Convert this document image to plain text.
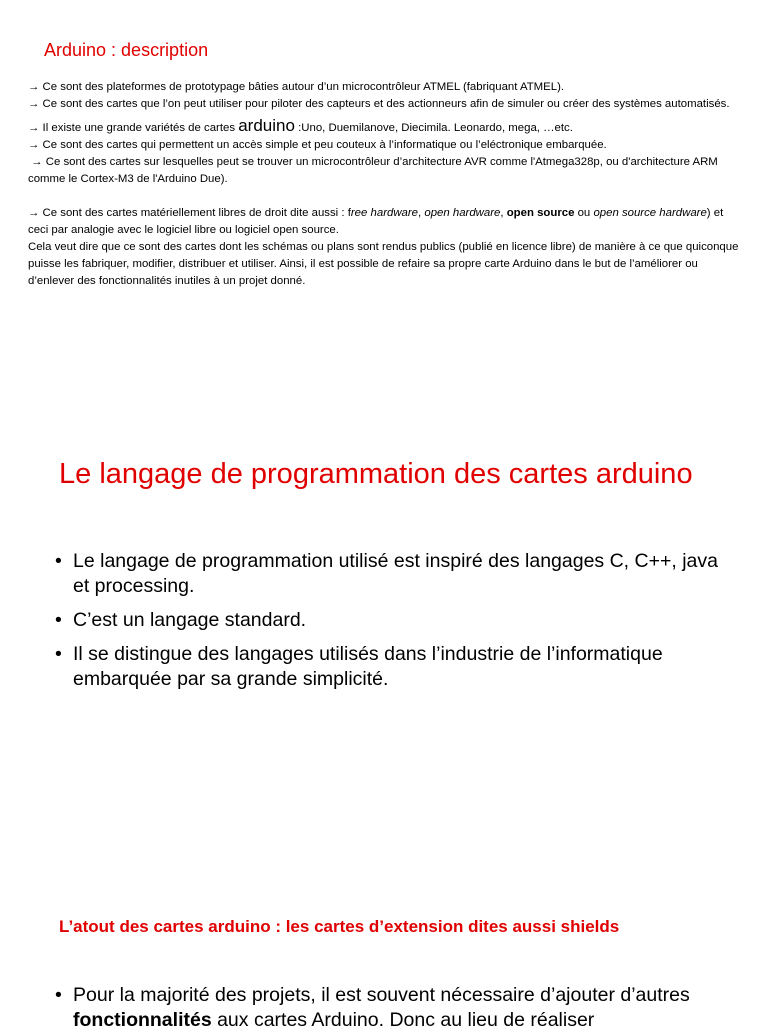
Arduino : description

→ Ce sont des plateformes de prototypage bâties autour d’un microcontrôleur ATMEL (fabriquant ATMEL).

→ Ce sont des cartes que l’on peut utiliser pour piloter des capteurs et des actionneurs afin de simuler ou créer des systèmes automatisés.

→ Il existe une grande variétés de cartes arduino :Uno, Duemilanove, Diecimila. Leonardo, mega, …etc.

→ Ce sont des cartes qui permettent un accès simple et peu couteux à l’informatique ou l’eléctronique embarquée.

→ Ce sont des cartes sur lesquelles peut se trouver un microcontrôleur d’architecture AVR comme l'Atmega328p, ou d'architecture ARM comme le Cortex-M3 de l'Arduino Due).

→ Ce sont des cartes matériellement libres de droit dite aussi : free hardware, open hardware, open source ou open source hardware) et ceci par analogie avec le logiciel libre ou logiciel open source.

Cela veut dire que ce sont des cartes dont les schémas ou plans sont rendus publics (publié en licence libre) de manière à ce que quiconque puisse les fabriquer, modifier, distribuer et utiliser. Ainsi, il est possible de refaire sa propre carte Arduino dans le but de l’améliorer ou d’enlever des fonctionnalités inutiles à un projet donné.

Le langage de programmation des cartes arduino
• Le langage de programmation utilisé est inspiré des langages C, C++, java et processing.
• C’est un langage standard.
• Il se distingue des langages utilisés dans l’industrie de l’informatique embarquée par sa grande simplicité.
L’atout des cartes arduino : les cartes d’extension dites aussi shields
• Pour la majorité des projets, il est souvent nécessaire d’ajouter d’autres fonctionnalités aux cartes Arduino. Donc au lieu de réaliser
